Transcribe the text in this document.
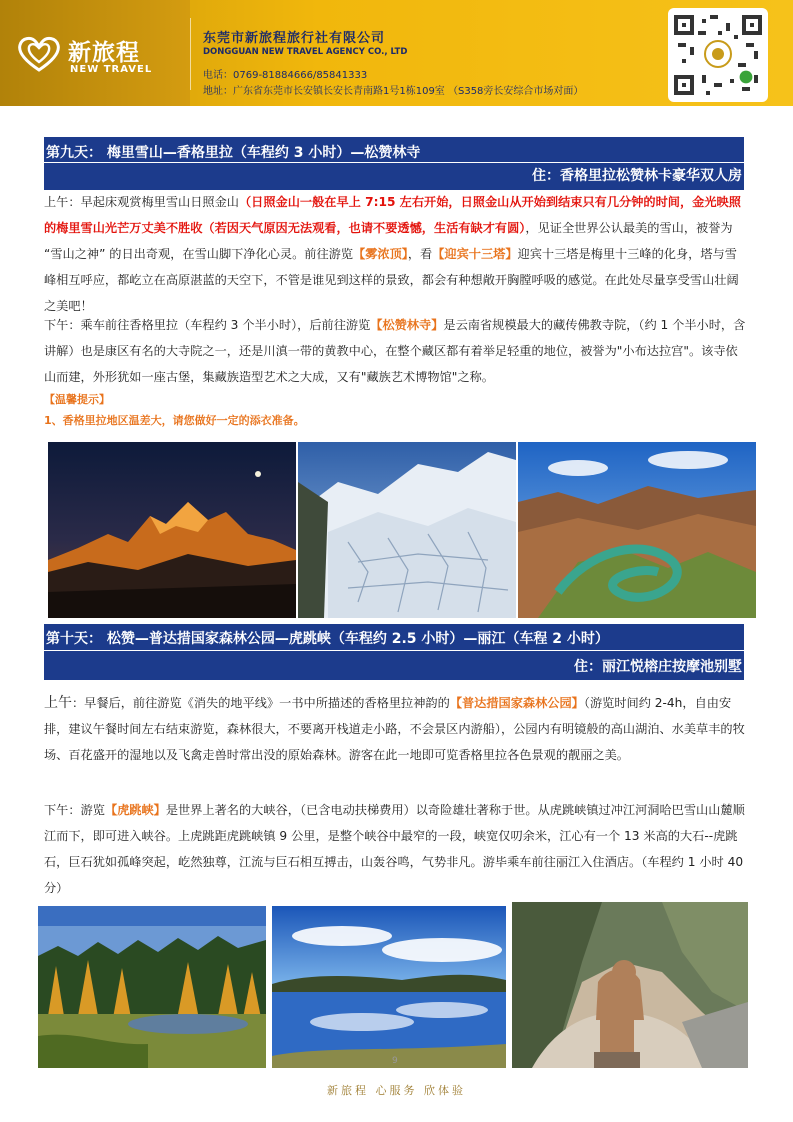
新旅程
NEW TRAVEL
东莞市新旅程旅行社有限公司
DONGGUAN NEW TRAVEL AGENCY CO., LTD
电话：0769-81884666/85841333
地址：广东省东莞市长安镇长安长青南路1号1栋109室 （S358旁长安综合市场对面）
第九天： 梅里雪山—香格里拉（车程约 3 小时）—松赞林寺
住：香格里拉松赞林卡豪华双人房
上午：早起床观赏梅里雪山日照金山（日照金山一般在早上 7:15 左右开始，日照金山从开始到结束只有几分钟的时间，金光映照的梅里雪山光芒万丈美不胜收（若因天气原因无法观看，也请不要透憾，生活有缺才有圆），见证全世界公认最美的雪山，被誉为 “雪山之神” 的日出奇观，在雪山脚下净化心灵。前往游览【雾浓顶】，看【迎宾十三塔】迎宾十三塔是梅里十三峰的化身，塔与雪峰相互呼应，都屹立在高原湛蓝的天空下，不管是谁见到这样的景致，都会有种想敞开胸膛呼吸的感觉。在此处尽量享受雪山壮阔之美吧！
下午：乘车前往香格里拉（车程约 3 个半小时），后前往游览【松赞林寺】是云南省规模最大的藏传佛教寺院，（约 1 个半小时，含讲解）也是康区有名的大寺院之一，还是川滇一带的黄教中心，在整个藏区都有着举足轻重的地位，被誉为"小布达拉宫"。该寺依山而建，外形犹如一座古堡，集藏族造型艺术之大成，又有"藏族艺术博物馆"之称。
【温馨提示】
1、香格里拉地区温差大，请您做好一定的添衣准备。
第十天： 松赞—普达措国家森林公园—虎跳峡（车程约 2.5 小时）—丽江（车程 2 小时）
住：丽江悦榕庄按摩池别墅
上午：早餐后，前往游览《消失的地平线》一书中所描述的香格里拉神韵的【普达措国家森林公园】（游览时间约 2-4h，自由安排，建议午餐时间左右结束游览，森林很大，不要离开栈道走小路，不会景区内游船），公园内有明镜般的高山湖泊、水美草丰的牧场、百花盛开的湿地以及飞禽走兽时常出没的原始森林。游客在此一地即可览香格里拉各色景观的靓丽之美。
下午：游览【虎跳峡】是世界上著名的大峡谷，（已含电动扶梯费用）以奇险雄壮著称于世。从虎跳峡镇过冲江河洞哈巴雪山山麓顺江而下，即可进入峡谷。上虎跳距虎跳峡镇 9 公里，是整个峡谷中最窄的一段，峡宽仅叨余米，江心有一个 13 米高的大石--虎跳石，巨石犹如孤峰突起，屹然独尊，江流与巨石相互搏击，山轰谷鸣，气势非凡。游毕乘车前往丽江入住酒店。（车程约 1 小时 40 分）
9
新旅程 心服务 欣体验
